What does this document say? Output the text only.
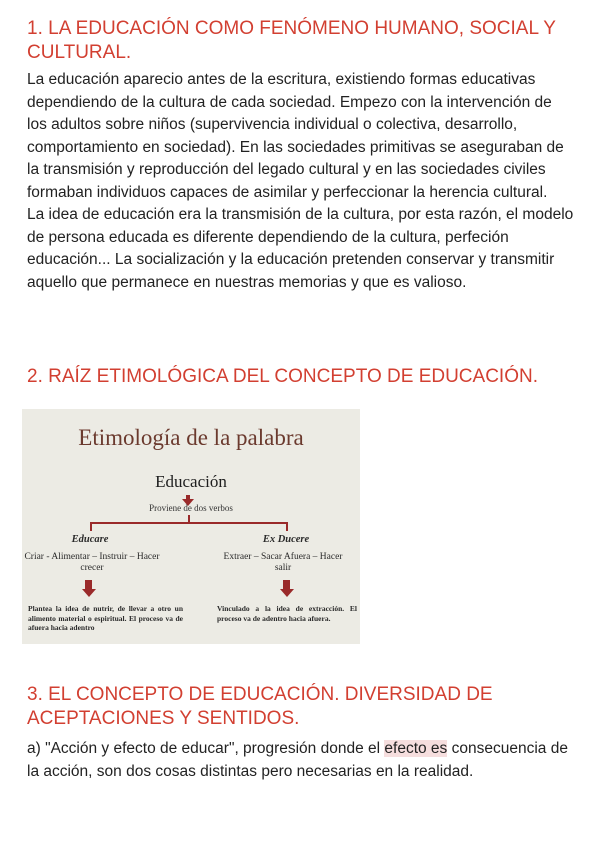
1. LA EDUCACIÓN COMO FENÓMENO HUMANO, SOCIAL Y CULTURAL.

La educación aparecio antes de la escritura, existiendo formas educativas dependiendo de la cultura de cada sociedad. Empezo con la intervención de los adultos sobre niños (supervivencia individual o colectiva, desarrollo, comportamiento en sociedad). En las sociedades primitivas se aseguraban de la transmisión y reproducción del legado cultural y en las sociedades civiles formaban individuos capaces de asimilar y perfeccionar la herencia cultural.

La idea de educación era la transmisión de la cultura, por esta razón, el modelo de persona educada es diferente dependiendo de la cultura, perfeción educación... La socialización y la educación pretenden conservar y transmitir aquello que permanece en nuestras memorias y que es valioso.

2. RAÍZ ETIMOLÓGICA DEL CONCEPTO DE EDUCACIÓN.
3. EL CONCEPTO DE EDUCACIÓN. DIVERSIDAD DE ACEPTACIONES Y SENTIDOS.

a) "Acción y efecto de educar", progresión donde el efecto es consecuencia de la acción, son dos cosas distintas pero necesarias en la realidad.

Etimología de la palabra
Educación
Proviene de dos verbos
Educare	Ex Ducere
Criar - Alimentar – Instruir – Hacer crecer
Extraer – Sacar Afuera – Hacer salir
Plantea la idea de nutrir, de llevar a otro un alimento material o espiritual. El proceso va de afuera hacia adentro
Vinculado a la idea de extracción. El proceso va de adentro hacia afuera.
